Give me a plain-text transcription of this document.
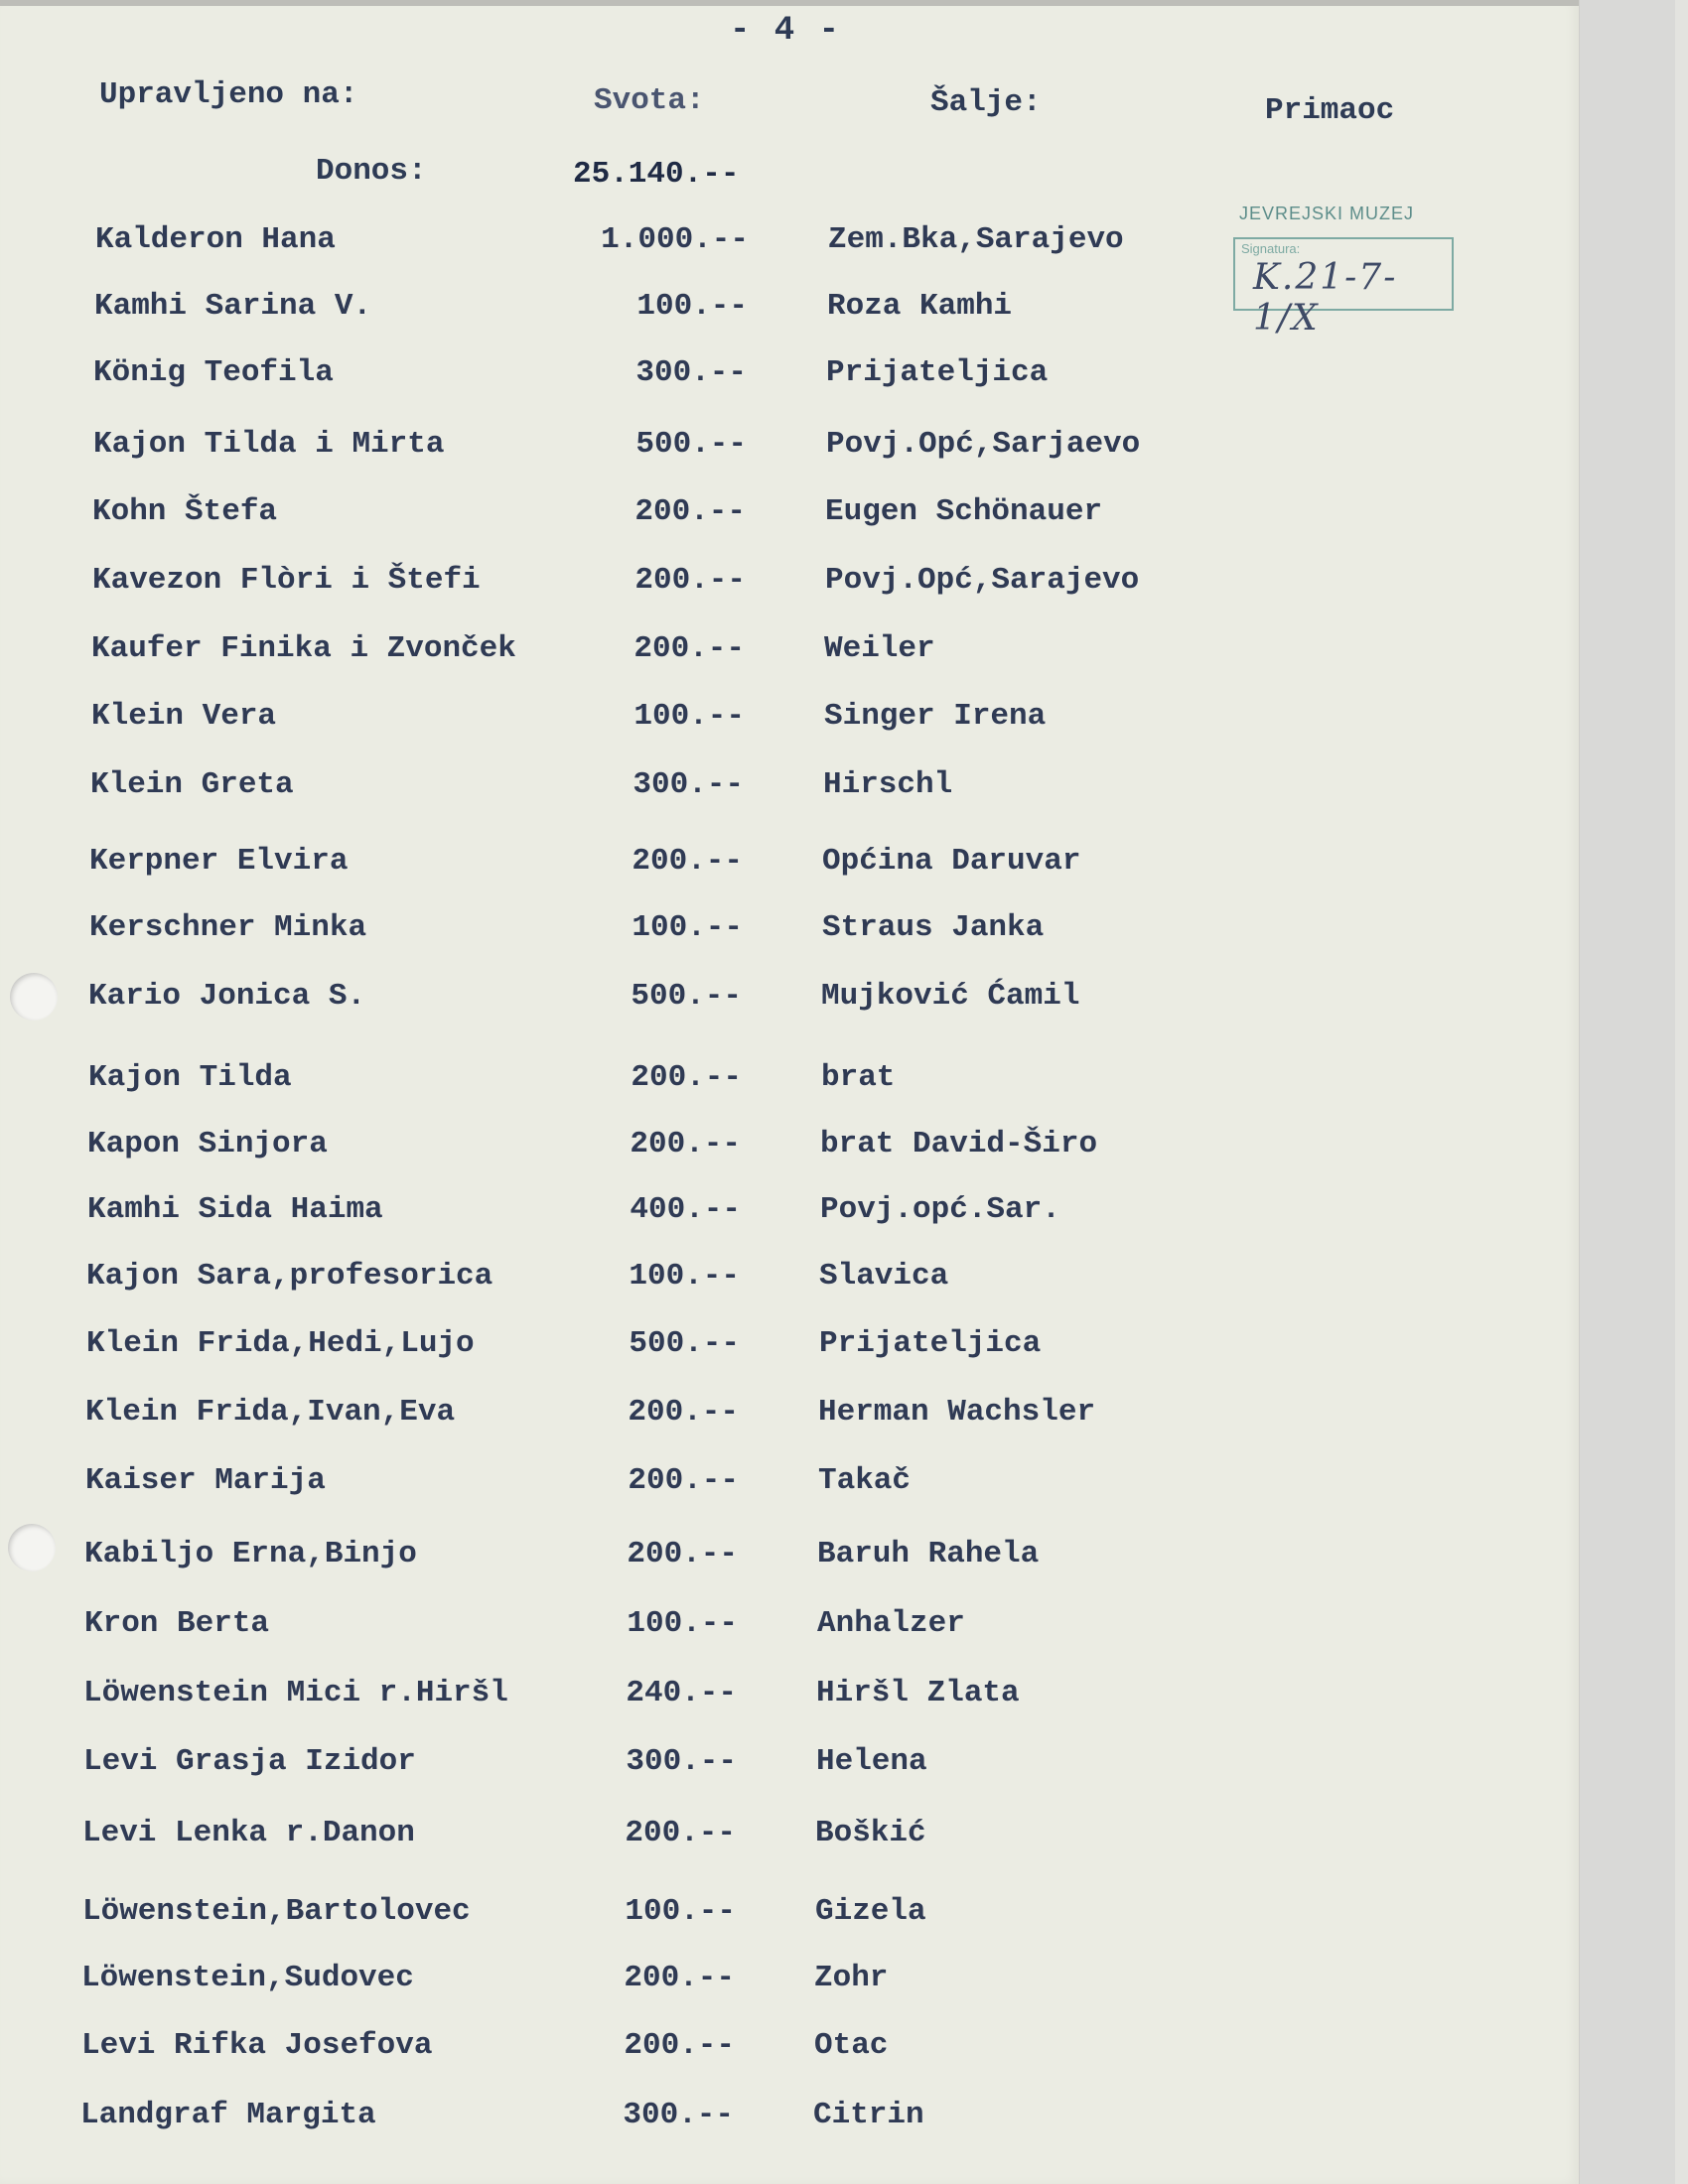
- 4 -
Upravljeno na:	Svota:	Šalje:	Primaoc
Donos:	25.140.--
JEVREJSKI MUZEJ
Signatura:
K.21-7-1/X
Kalderon Hana	1.000.--	Zem.Bka,Sarajevo
Kamhi Sarina V.	100.--	Roza Kamhi
König Teofila	300.--	Prijateljica
Kajon Tilda i Mirta	500.--	Povj.Opć,Sarjaevo
Kohn Štefa	200.--	Eugen Schönauer
Kavezon Flòri i Štefi	200.--	Povj.Opć,Sarajevo
Kaufer Finika i Zvonček	200.--	Weiler
Klein Vera	100.--	Singer Irena
Klein Greta	300.--	Hirschl
Kerpner Elvira	200.--	Općina Daruvar
Kerschner Minka	100.--	Straus Janka
Kario Jonica S.	500.--	Mujković Ćamil
Kajon Tilda	200.--	brat
Kapon Sinjora	200.--	brat David-Širo
Kamhi Sida Haima	400.--	Povj.opć.Sar.
Kajon Sara,profesorica	100.--	Slavica
Klein Frida,Hedi,Lujo	500.--	Prijateljica
Klein Frida,Ivan,Eva	200.--	Herman Wachsler
Kaiser Marija	200.--	Takač
Kabiljo Erna,Binjo	200.--	Baruh Rahela
Kron Berta	100.--	Anhalzer
Löwenstein Mici r.Hiršl	240.--	Hiršl Zlata
Levi Grasja Izidor	300.--	Helena
Levi Lenka r.Danon	200.--	Boškić
Löwenstein,Bartolovec	100.--	Gizela
Löwenstein,Sudovec	200.--	Zohr
Levi Rifka Josefova	200.--	Otac
Landgraf Margita	300.--	Citrin
